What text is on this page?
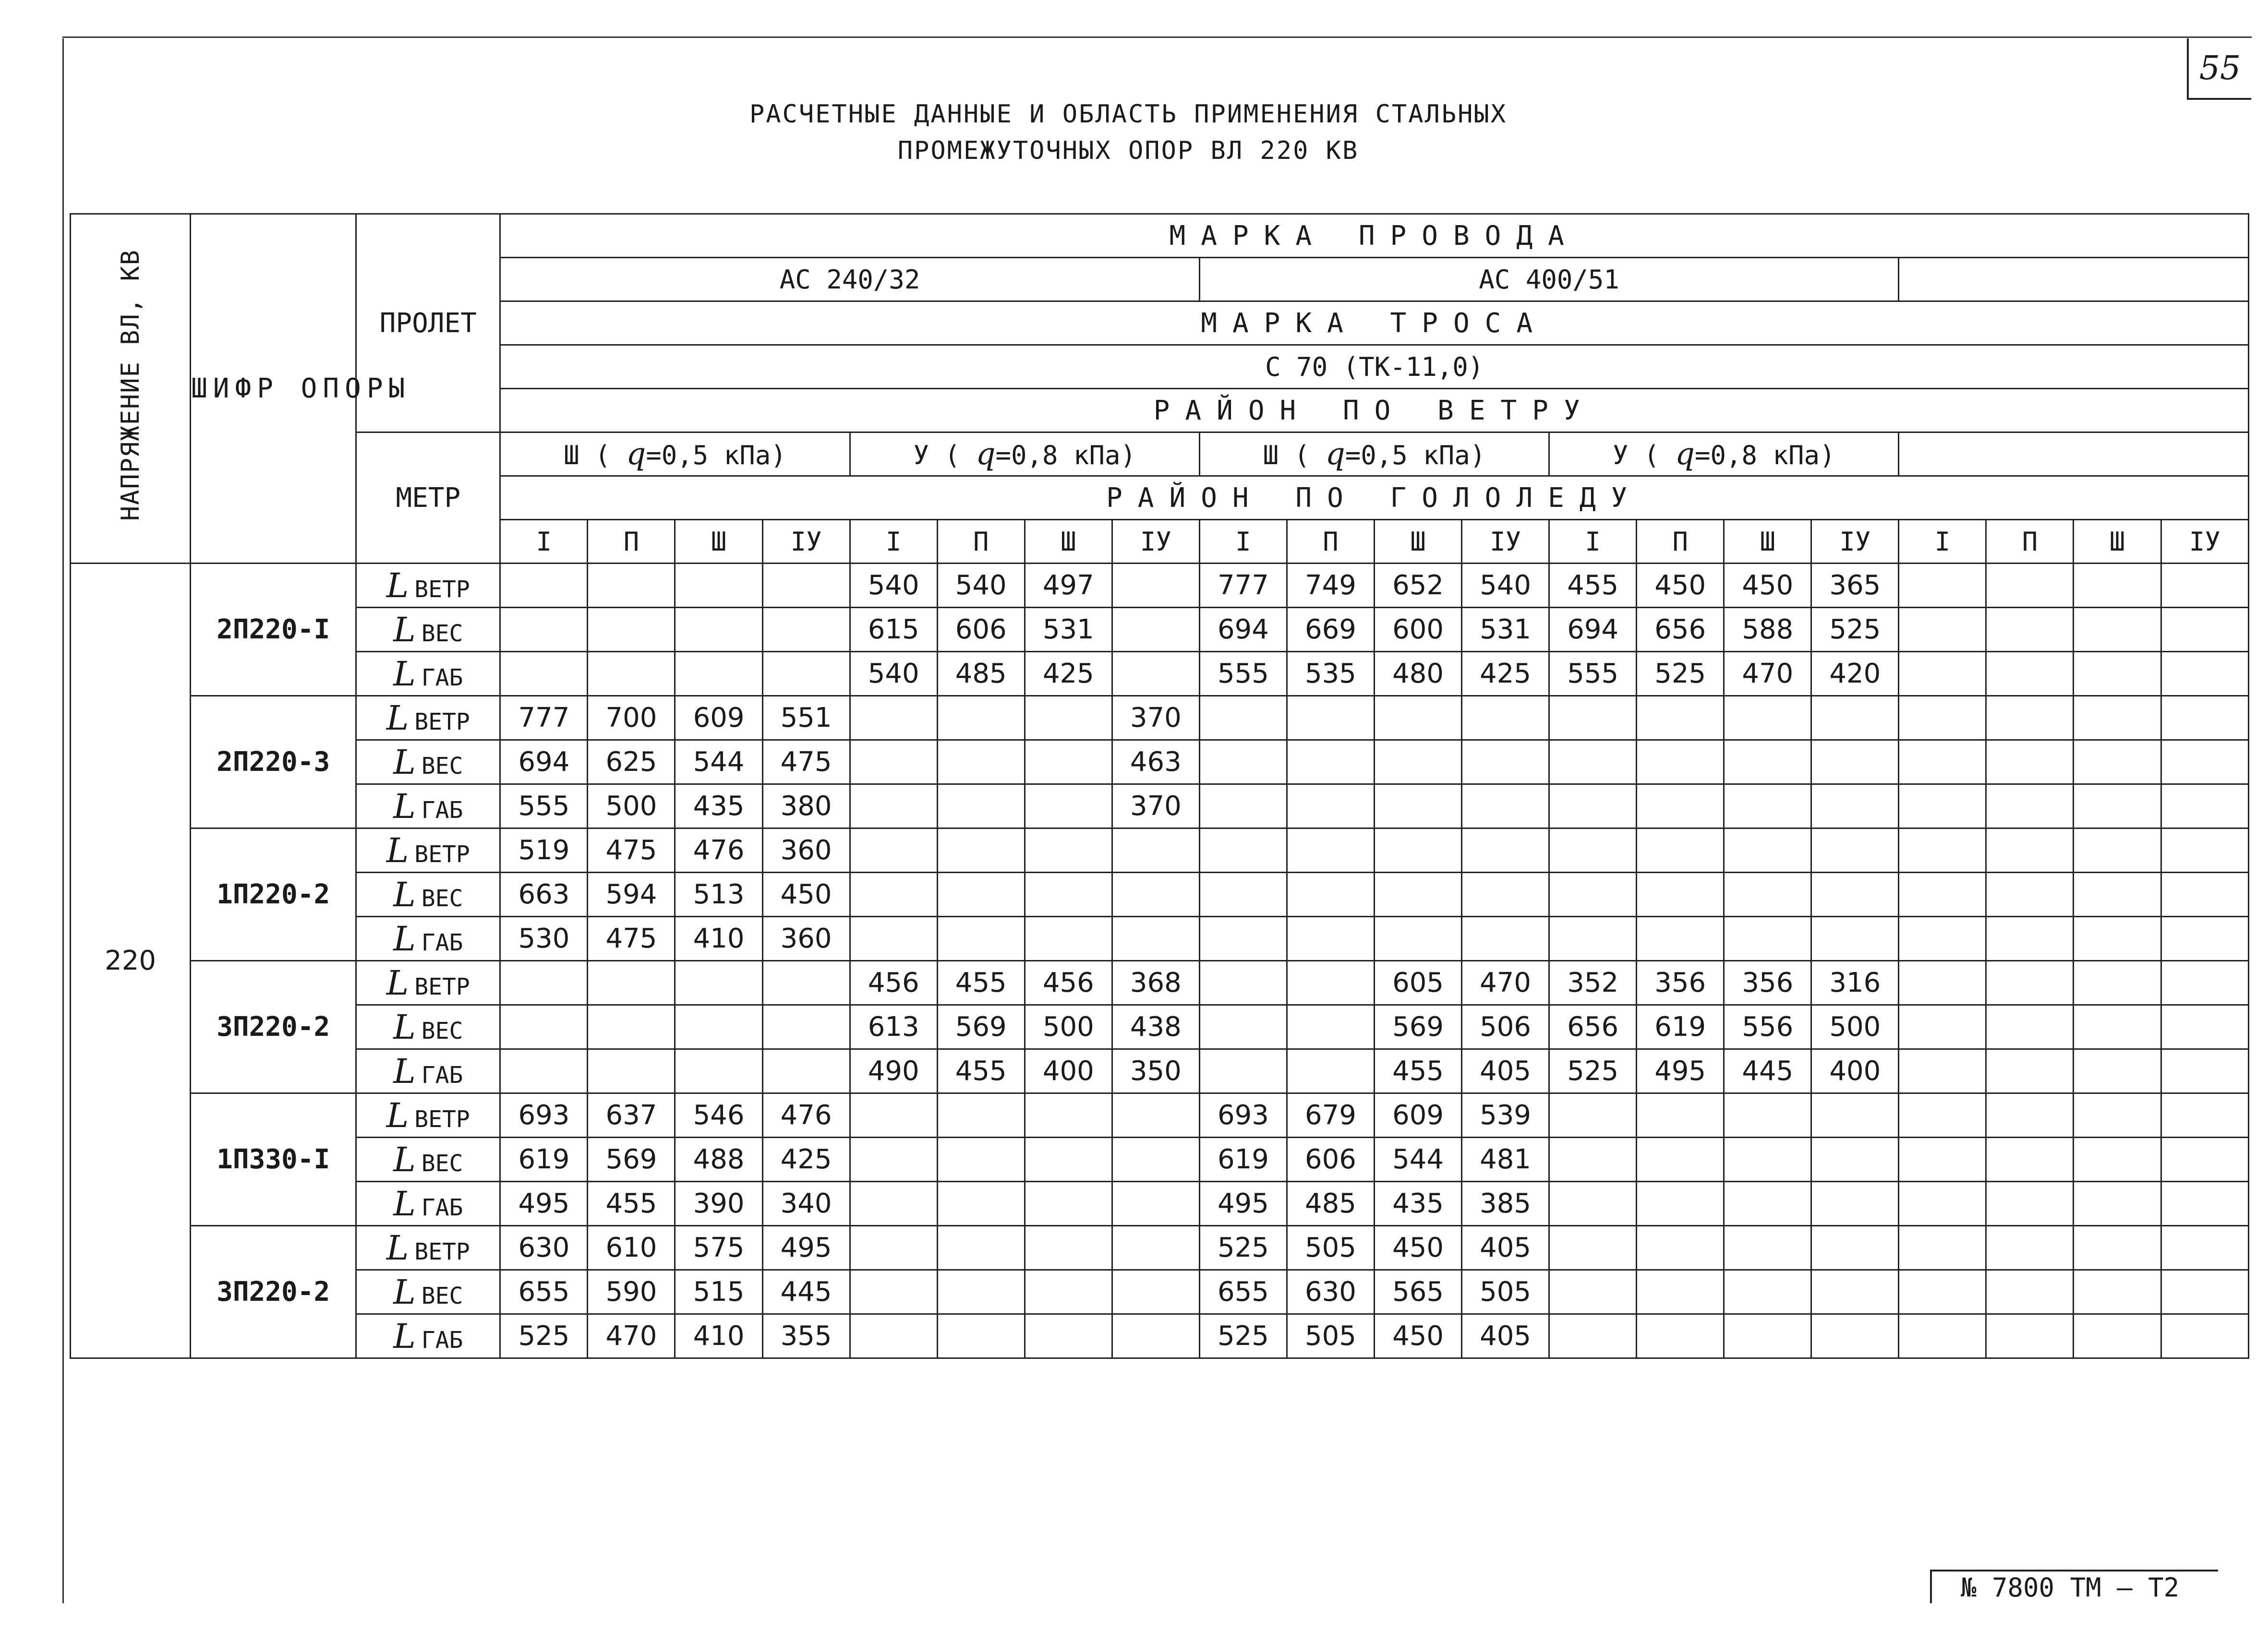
55
РАСЧЕТНЫЕ ДАННЫЕ И ОБЛАСТЬ ПРИМЕНЕНИЯ СТАЛЬНЫХ
ПРОМЕЖУТОЧНЫХ ОПОР ВЛ 220 КВ
НАПРЯЖЕНИЕ ВЛ, КВ	ШИФР ОПОРЫ	ПРОЛЕТ	МАРКА ПРОВОДА																			
			АС 240/32								АС 400/51											
			МАРКА ТРОСА																			
			С 70 (ТК-11,0)																			
			РАЙОН ПО ВЕТРУ																			
		МЕТР	Ш ( q=0,5 кПа)				У ( q=0,8 кПа)				Ш ( q=0,5 кПа)				У ( q=0,8 кПа)							
			РАЙОН ПО ГОЛОЛЕДУ																			
			I	П	Ш	IУ	I	П	Ш	IУ	I	П	Ш	IУ	I	П	Ш	IУ	I	П	Ш	IУ
220	2П220-I	L ВЕТР					540	540	497		777	749	652	540	455	450	450	365				
		L ВЕС					615	606	531		694	669	600	531	694	656	588	525				
		L ГАБ					540	485	425		555	535	480	425	555	525	470	420				
	2П220-3	L ВЕТР	777	700	609	551				370												
		L ВЕС	694	625	544	475				463												
		L ГАБ	555	500	435	380				370												
	1П220-2	L ВЕТР	519	475	476	360																
		L ВЕС	663	594	513	450																
		L ГАБ	530	475	410	360																
	3П220-2	L ВЕТР					456	455	456	368			605	470	352	356	356	316				
		L ВЕС					613	569	500	438			569	506	656	619	556	500				
		L ГАБ					490	455	400	350			455	405	525	495	445	400				
	1П330-I	L ВЕТР	693	637	546	476					693	679	609	539								
		L ВЕС	619	569	488	425					619	606	544	481								
		L ГАБ	495	455	390	340					495	485	435	385								
	3П220-2	L ВЕТР	630	610	575	495					525	505	450	405								
		L ВЕС	655	590	515	445					655	630	565	505								
		L ГАБ	525	470	410	355					525	505	450	405								
№ 7800 ТМ – Т2
